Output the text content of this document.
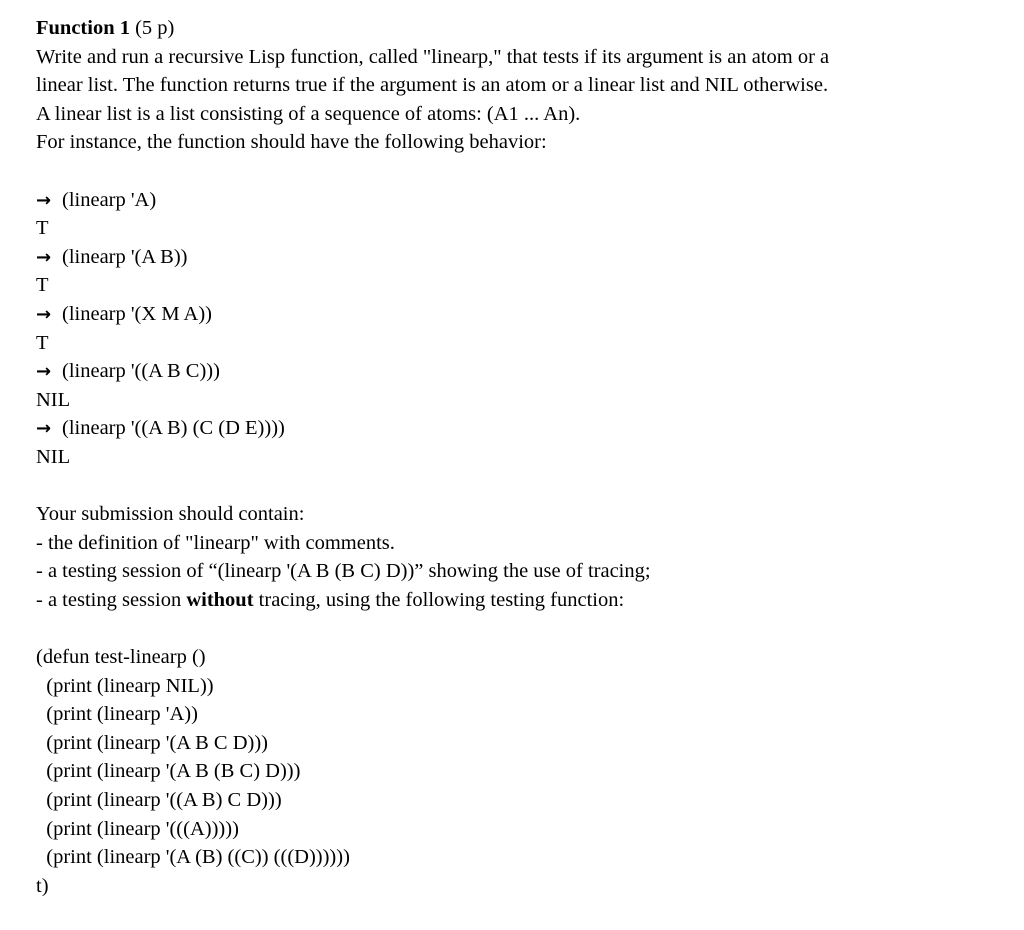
Function 1 (5 p)

Write and run a recursive Lisp function, called "linearp," that tests if its argument is an atom or a

linear list. The function returns true if the argument is an atom or a linear list and NIL otherwise.

A linear list is a list consisting of a sequence of atoms: (A1 ... An).

For instance, the function should have the following behavior:

→ (linearp 'A)

T

→ (linearp '(A B))

T

→ (linearp '(X M A))

T

→ (linearp '((A B C)))

NIL

→ (linearp '((A B) (C (D E))))

NIL

Your submission should contain:

- the definition of "linearp" with comments.

- a testing session of “(linearp '(A B (B C) D))” showing the use of tracing;

- a testing session without tracing, using the following testing function:

(defun test-linearp ()

(print (linearp NIL))

(print (linearp 'A))

(print (linearp '(A B C D)))

(print (linearp '(A B (B C) D)))

(print (linearp '((A B) C D)))

(print (linearp '(((A)))))

(print (linearp '(A (B) ((C)) (((D))))))

t)
